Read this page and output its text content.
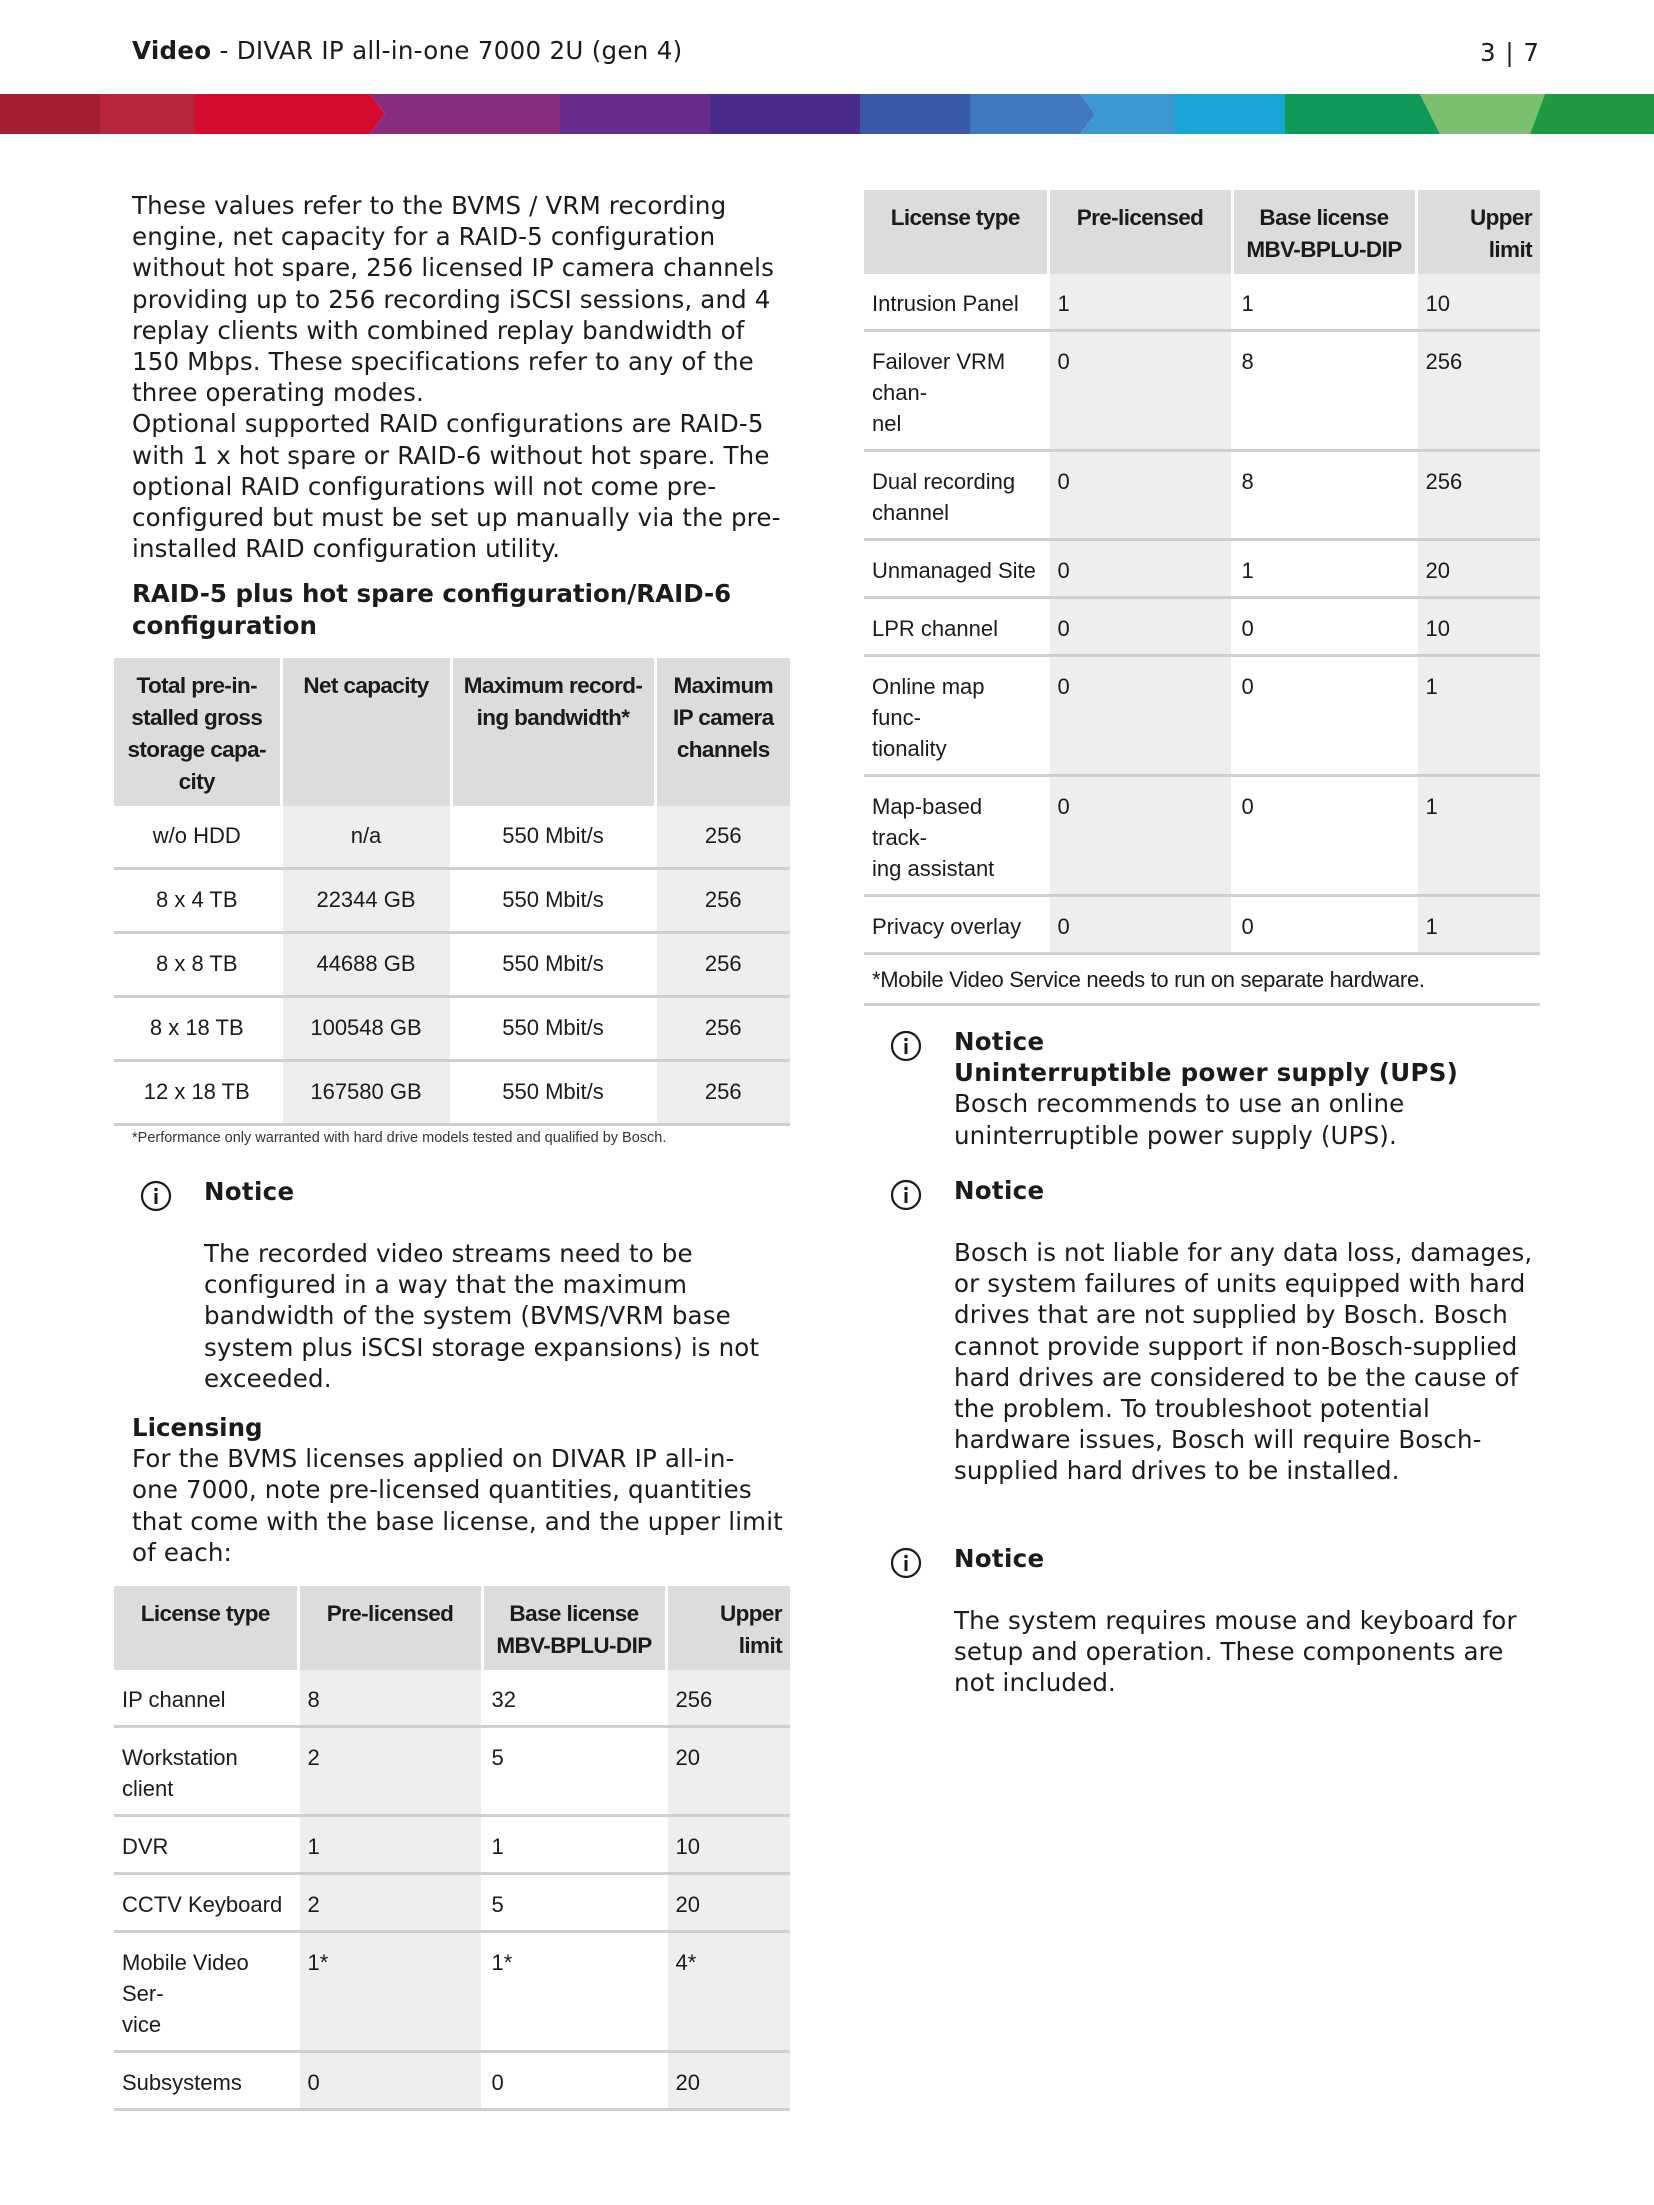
Video - DIVAR IP all-in-one 7000 2U (gen 4)	3 | 7

These values refer to the BVMS / VRM recording
engine, net capacity for a RAID-5 configuration
without hot spare, 256 licensed IP camera channels
providing up to 256 recording iSCSI sessions, and 4
replay clients with combined replay bandwidth of
150 Mbps. These specifications refer to any of the
three operating modes.
Optional supported RAID configurations are RAID-5
with 1 x hot spare or RAID-6 without hot spare. The
optional RAID configurations will not come pre-
configured but must be set up manually via the pre-
installed RAID configuration utility.

RAID-5 plus hot spare configuration/RAID-6
configuration
Total pre-in-
stalled gross
storage capa-
city	Net capacity	Maximum record-
ing bandwidth*	Maximum
IP camera
channels
w/o HDD	n/a	550 Mbit/s	256
8 x 4 TB	22344 GB	550 Mbit/s	256
8 x 8 TB	44688 GB	550 Mbit/s	256
8 x 18 TB	100548 GB	550 Mbit/s	256
12 x 18 TB	167580 GB	550 Mbit/s	256
*Performance only warranted with hard drive models tested and qualified by Bosch.
Notice
The recorded video streams need to be
configured in a way that the maximum
bandwidth of the system (BVMS/VRM base
system plus iSCSI storage expansions) is not
exceeded.
Licensing

For the BVMS licenses applied on DIVAR IP all-in-
one 7000, note pre-licensed quantities, quantities
that come with the base license, and the upper limit
of each:

License type	Pre-licensed	Base license
MBV-BPLU-DIP	Upper
limit
IP channel	8	32	256
Workstation client	2	5	20
DVR	1	1	10
CCTV Keyboard	2	5	20
Mobile Video Ser-
vice	1*	1*	4*
Subsystems	0	0	20
License type	Pre-licensed	Base license
MBV-BPLU-DIP	Upper
limit
Intrusion Panel	1	1	10
Failover VRM chan-
nel	0	8	256
Dual recording
channel	0	8	256
Unmanaged Site	0	1	20
LPR channel	0	0	10
Online map func-
tionality	0	0	1
Map-based track-
ing assistant	0	0	1
Privacy overlay	0	0	1
*Mobile Video Service needs to run on separate hardware.
Notice
Uninterruptible power supply (UPS)
Bosch recommends to use an online
uninterruptible power supply (UPS).
Notice
Bosch is not liable for any data loss, damages,
or system failures of units equipped with hard
drives that are not supplied by Bosch. Bosch
cannot provide support if non-Bosch-supplied
hard drives are considered to be the cause of
the problem. To troubleshoot potential
hardware issues, Bosch will require Bosch-
supplied hard drives to be installed.
Notice
The system requires mouse and keyboard for
setup and operation. These components are
not included.
